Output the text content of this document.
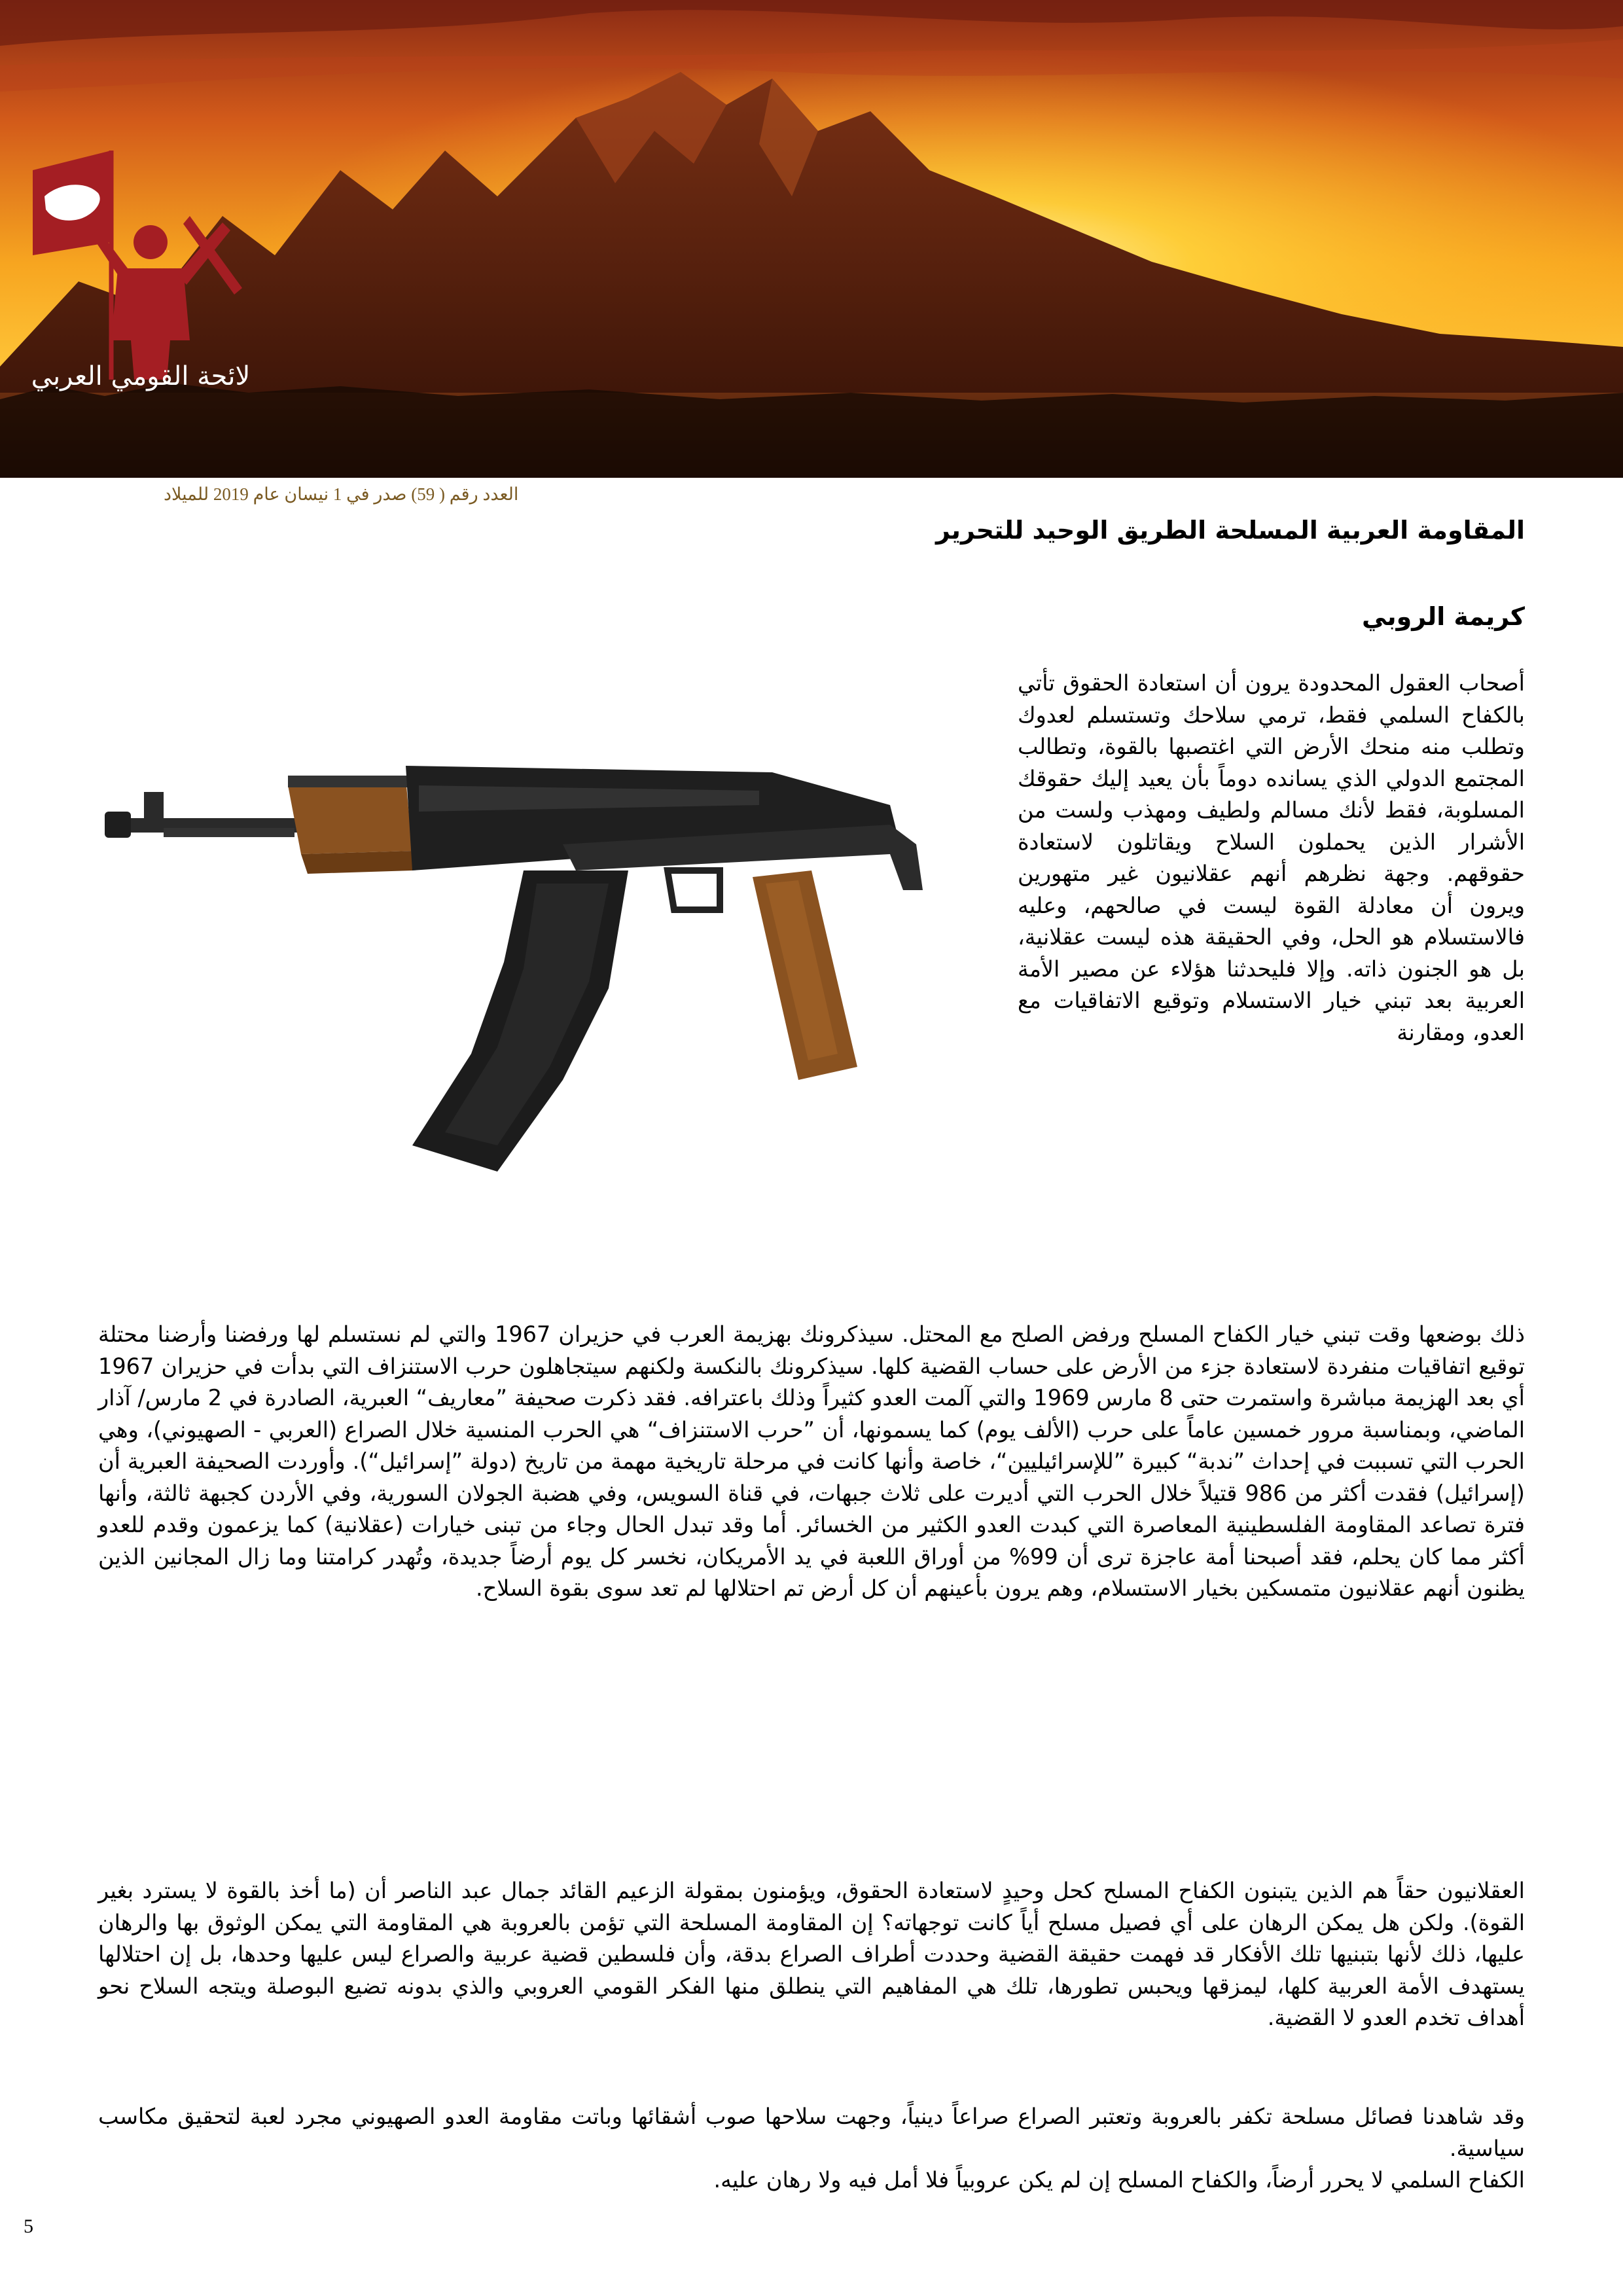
لائحة القومي العربي
العدد رقم ( 59) صدر في 1 نيسان عام 2019 للميلاد
المقاومة العربية المسلحة الطريق الوحيد للتحرير
كريمة الروبي

أصحاب العقول المحدودة يرون أن استعادة الحقوق تأتي بالكفاح السلمي فقط، ترمي سلاحك وتستسلم لعدوك وتطلب منه منحك الأرض التي اغتصبها بالقوة، وتطالب المجتمع الدولي الذي يسانده دوماً بأن يعيد إليك حقوقك المسلوبة، فقط لأنك مسالم ولطيف ومهذب ولست من الأشرار الذين يحملون السلاح ويقاتلون لاستعادة حقوقهم. وجهة نظرهم أنهم عقلانيون غير متهورين ويرون أن معادلة القوة ليست في صالحهم، وعليه فالاستسلام هو الحل، وفي الحقيقة هذه ليست عقلانية، بل هو الجنون ذاته. وإلا فليحدثنا هؤلاء عن مصير الأمة العربية بعد تبني خيار الاستسلام وتوقيع الاتفاقيات مع العدو، ومقارنة

ذلك بوضعها وقت تبني خيار الكفاح المسلح ورفض الصلح مع المحتل. سيذكرونك بهزيمة العرب في حزيران 1967 والتي لم نستسلم لها ورفضنا وأرضنا محتلة توقيع اتفاقيات منفردة لاستعادة جزء من الأرض على حساب القضية كلها. سيذكرونك بالنكسة ولكنهم سيتجاهلون حرب الاستنزاف التي بدأت في حزيران 1967 أي بعد الهزيمة مباشرة واستمرت حتى 8 مارس 1969 والتي آلمت العدو كثيراً وذلك باعترافه. فقد ذكرت صحيفة ”معاريف“ العبرية، الصادرة في 2 مارس/ آذار الماضي، وبمناسبة مرور خمسين عاماً على حرب (الألف يوم) كما يسمونها، أن ”حرب الاستنزاف“ هي الحرب المنسية خلال الصراع (العربي - الصهيوني)، وهي الحرب التي تسببت في إحداث ”ندبة“ كبيرة ”للإسرائيليين“، خاصة وأنها كانت في مرحلة تاريخية مهمة من تاريخ (دولة ”إسرائيل“). وأوردت الصحيفة العبرية أن (إسرائيل) فقدت أكثر من 986 قتيلاً خلال الحرب التي أديرت على ثلاث جبهات، في قناة السويس، وفي هضبة الجولان السورية، وفي الأردن كجبهة ثالثة، وأنها فترة تصاعد المقاومة الفلسطينية المعاصرة التي كبدت العدو الكثير من الخسائر. أما وقد تبدل الحال وجاء من تبنى خيارات (عقلانية) كما يزعمون وقدم للعدو أكثر مما كان يحلم، فقد أصبحنا أمة عاجزة ترى أن 99% من أوراق اللعبة في يد الأمريكان، نخسر كل يوم أرضاً جديدة، وتُهدر كرامتنا وما زال المجانين الذين يظنون أنهم عقلانيون متمسكين بخيار الاستسلام، وهم يرون بأعينهم أن كل أرض تم احتلالها لم تعد سوى بقوة السلاح.

العقلانيون حقاً هم الذين يتبنون الكفاح المسلح كحل وحيدٍ لاستعادة الحقوق، ويؤمنون بمقولة الزعيم القائد جمال عبد الناصر أن (ما أخذ بالقوة لا يسترد بغير القوة). ولكن هل يمكن الرهان على أي فصيل مسلح أياً كانت توجهاته؟ إن المقاومة المسلحة التي تؤمن بالعروبة هي المقاومة التي يمكن الوثوق بها والرهان عليها، ذلك لأنها بتبنيها تلك الأفكار قد فهمت حقيقة القضية وحددت أطراف الصراع بدقة، وأن فلسطين قضية عربية والصراع ليس عليها وحدها، بل إن احتلالها يستهدف الأمة العربية كلها، ليمزقها ويحبس تطورها، تلك هي المفاهيم التي ينطلق منها الفكر القومي العروبي والذي بدونه تضيع البوصلة ويتجه السلاح نحو أهداف تخدم العدو لا القضية.

وقد شاهدنا فصائل مسلحة تكفر بالعروبة وتعتبر الصراع صراعاً دينياً، وجهت سلاحها صوب أشقائها وباتت مقاومة العدو الصهيوني مجرد لعبة لتحقيق مكاسب سياسية.

الكفاح السلمي لا يحرر أرضاً، والكفاح المسلح إن لم يكن عروبياً فلا أمل فيه ولا رهان عليه.

5
